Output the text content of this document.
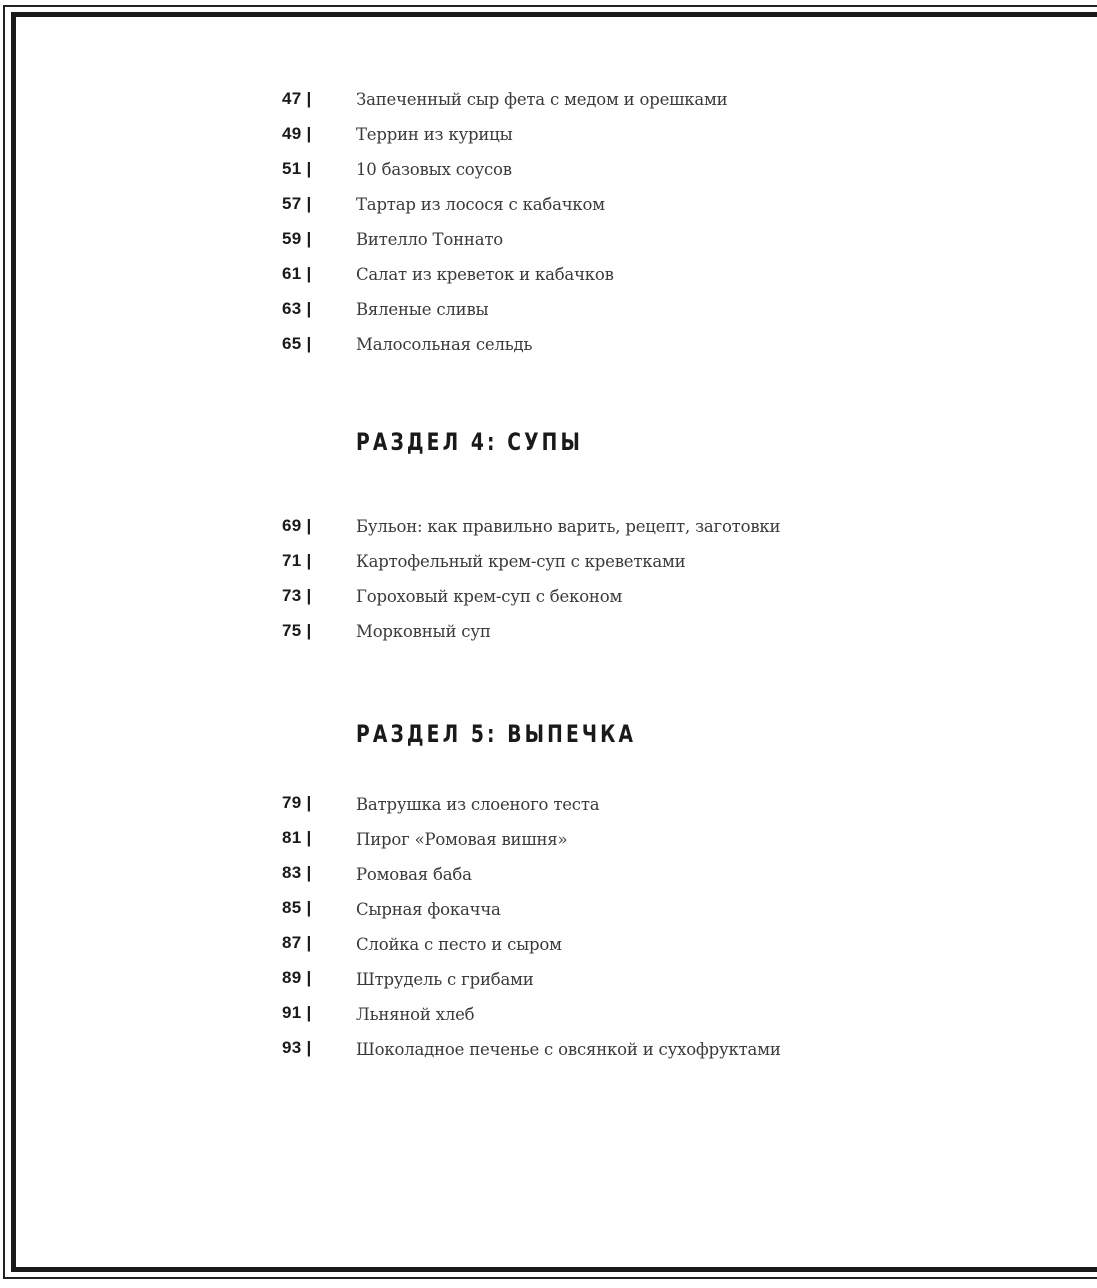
47 |	Запеченный сыр фета с медом и орешками
49 |	Террин из курицы
51 |	10 базовых соусов
57 |	Тартар из лосося с кабачком
59 |	Вителло Тоннато
61 |	Салат из креветок и кабачков
63 |	Вяленые сливы
65 |	Малосольная сельдь
РАЗДЕЛ 4: СУПЫ
69 |	Бульон: как правильно варить, рецепт, заготовки
71 |	Картофельный крем-суп с креветками
73 |	Гороховый крем-суп с беконом
75 |	Морковный суп
РАЗДЕЛ 5: ВЫПЕЧКА
79 |	Ватрушка из слоеного теста
81 |	Пирог «Ромовая вишня»
83 |	Ромовая баба
85 |	Сырная фокачча
87 |	Слойка с песто и сыром
89 |	Штрудель с грибами
91 |	Льняной хлеб
93 |	Шоколадное печенье с овсянкой и сухофруктами
